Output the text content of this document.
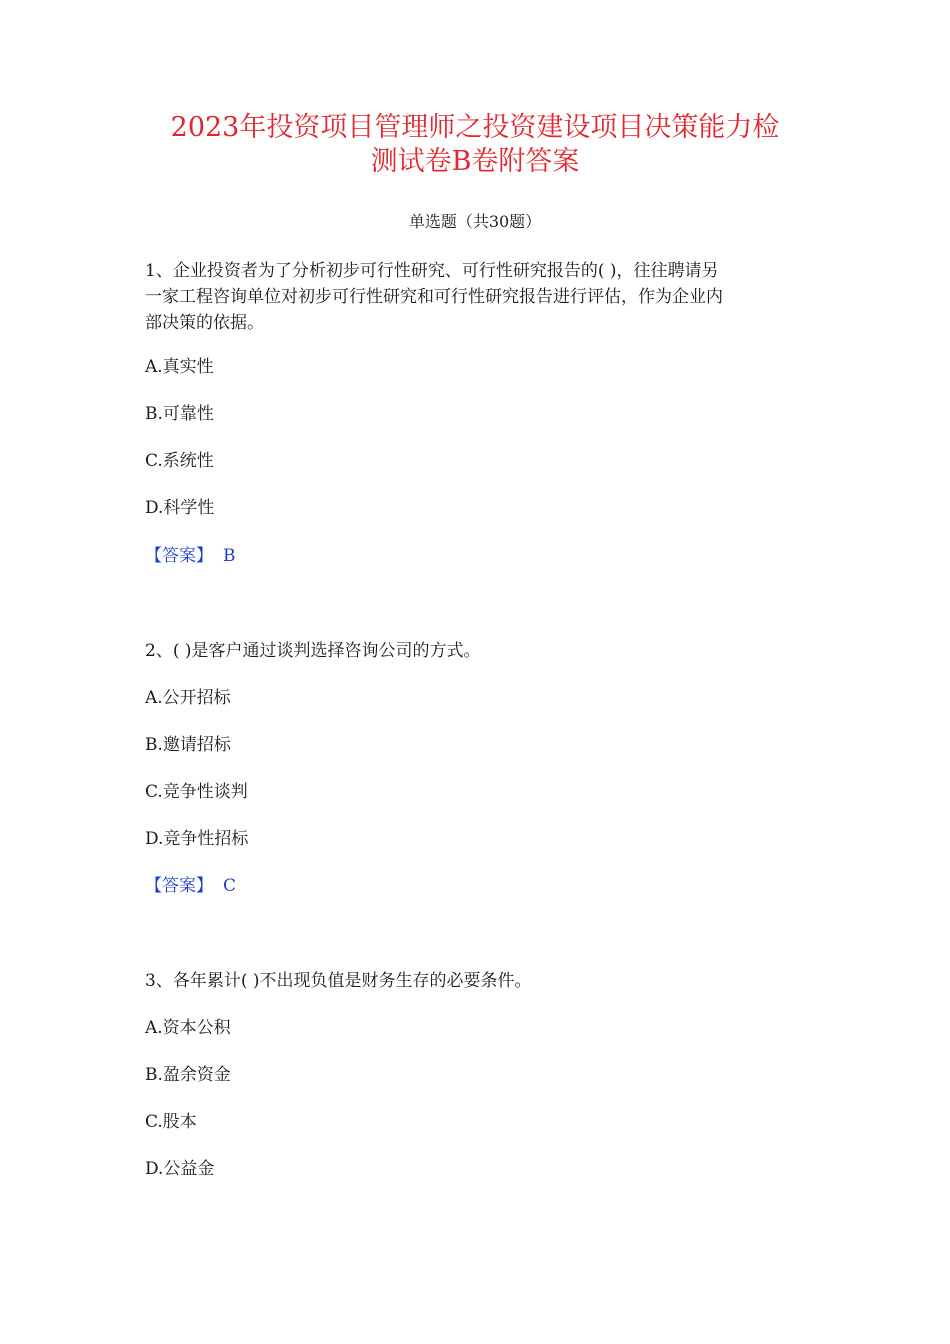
2023年投资项目管理师之投资建设项目决策能力检
测试卷B卷附答案
单选题（共30题）
1、企业投资者为了分析初步可行性研究、可行性研究报告的( )，往往聘请另
一家工程咨询单位对初步可行性研究和可行性研究报告进行评估，作为企业内
部决策的依据。
A.真实性
B.可靠性
C.系统性
D.科学性
【答案】 B
2、( )是客户通过谈判选择咨询公司的方式。
A.公开招标
B.邀请招标
C.竞争性谈判
D.竞争性招标
【答案】 C
3、各年累计( )不出现负值是财务生存的必要条件。
A.资本公积
B.盈余资金
C.股本
D.公益金
